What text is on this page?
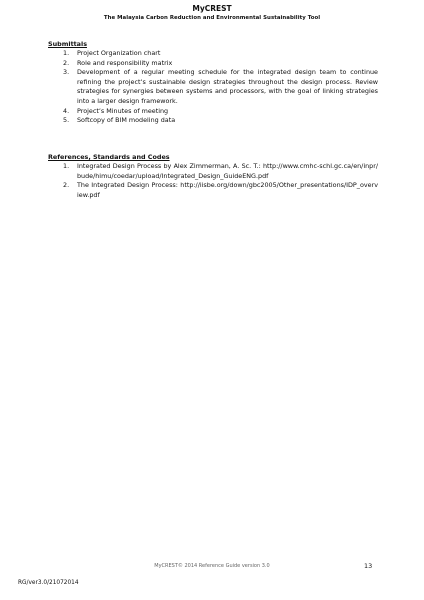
MyCREST
The Malaysia Carbon Reduction and Environmental Sustainability Tool
Submittals
1. Project Organization chart
2. Role and responsibility matrix
3. Development of a regular meeting schedule for the integrated design team to continue refining the project’s sustainable design strategies throughout the design process. Review strategies for synergies between systems and processors, with the goal of linking strategies into a larger design framework.
4. Project’s Minutes of meeting
5. Softcopy of BIM modeling data
References, Standards and Codes
1. Integrated Design Process by Alex Zimmerman, A. Sc. T.: http://www.cmhc-schl.gc.ca/en/inpr/bude/himu/coedar/upload/Integrated_Design_GuideENG.pdf
2. The Integrated Design Process: http://iisbe.org/down/gbc2005/Other_presentations/IDP_overview.pdf
MyCREST© 2014 Reference Guide version 3.0	13
RG/ver3.0/21072014
